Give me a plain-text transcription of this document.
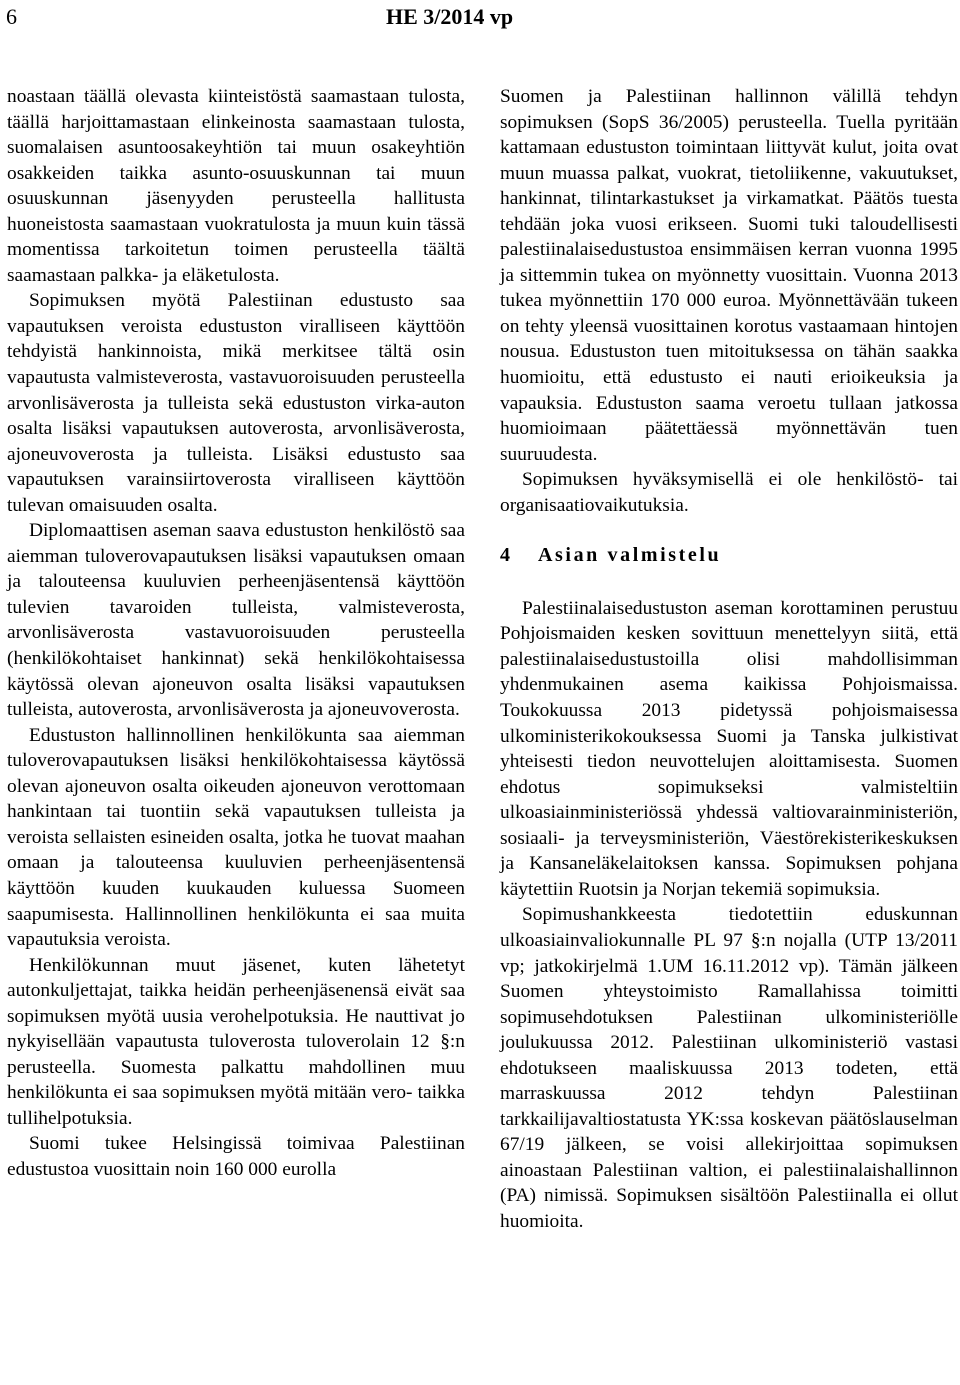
6	HE 3/2014 vp

noastaan täällä olevasta kiinteistöstä saamastaan tulosta, täällä harjoittamastaan elinkeinosta saamastaan tulosta, suomalaisen asuntoosakeyhtiön tai muun osakeyhtiön osakkeiden taikka asunto-osuuskunnan tai muun osuuskunnan jäsenyyden perusteella hallitusta huoneistosta saamastaan vuokratulosta ja muun kuin tässä momentissa tarkoitetun toimen perusteella täältä saamastaan palkka- ja eläketulosta.

Sopimuksen myötä Palestiinan edustusto saa vapautuksen veroista edustuston viralliseen käyttöön tehdyistä hankinnoista, mikä merkitsee tältä osin vapautusta valmisteverosta, vastavuoroisuuden perusteella arvonlisäverosta ja tulleista sekä edustuston virka-auton osalta lisäksi vapautuksen autoverosta, arvonlisäverosta, ajoneuvoverosta ja tulleista. Lisäksi edustusto saa vapautuksen varainsiirtoverosta viralliseen käyttöön tulevan omaisuuden osalta.

Diplomaattisen aseman saava edustuston henkilöstö saa aiemman tuloverovapautuksen lisäksi vapautuksen omaan ja talouteensa kuuluvien perheenjäsentensä käyttöön tulevien tavaroiden tulleista, valmisteverosta, arvonlisäverosta vastavuoroisuuden perusteella (henkilökohtaiset hankinnat) sekä henkilökohtaisessa käytössä olevan ajoneuvon osalta lisäksi vapautuksen tulleista, autoverosta, arvonlisäverosta ja ajoneuvoverosta.

Edustuston hallinnollinen henkilökunta saa aiemman tuloverovapautuksen lisäksi henkilökohtaisessa käytössä olevan ajoneuvon osalta oikeuden ajoneuvon verottomaan hankintaan tai tuontiin sekä vapautuksen tulleista ja veroista sellaisten esineiden osalta, jotka he tuovat maahan omaan ja talouteensa kuuluvien perheenjäsentensä käyttöön kuuden kuukauden kuluessa Suomeen saapumisesta. Hallinnollinen henkilökunta ei saa muita vapautuksia veroista.

Henkilökunnan muut jäsenet, kuten lähetetyt autonkuljettajat, taikka heidän perheenjäsenensä eivät saa sopimuksen myötä uusia verohelpotuksia. He nauttivat jo nykyisellään vapautusta tuloverosta tuloverolain 12 §:n perusteella. Suomesta palkattu mahdollinen muu henkilökunta ei saa sopimuksen myötä mitään vero- taikka tullihelpotuksia.

Suomi tukee Helsingissä toimivaa Palestiinan edustustoa vuosittain noin 160 000 eurolla

Suomen ja Palestiinan hallinnon välillä tehdyn sopimuksen (SopS 36/2005) perusteella. Tuella pyritään kattamaan edustuston toimintaan liittyvät kulut, joita ovat muun muassa palkat, vuokrat, tietoliikenne, vakuutukset, hankinnat, tilintarkastukset ja virkamatkat. Päätös tuesta tehdään joka vuosi erikseen. Suomi tuki taloudellisesti palestiinalaisedustustoa ensimmäisen kerran vuonna 1995 ja sittemmin tukea on myönnetty vuosittain. Vuonna 2013 tukea myönnettiin 170 000 euroa. Myönnettävään tukeen on tehty yleensä vuosittainen korotus vastaamaan hintojen nousua. Edustuston tuen mitoituksessa on tähän saakka huomioitu, että edustusto ei nauti erioikeuksia ja vapauksia. Edustuston saama veroetu tullaan jatkossa huomioimaan päätettäessä myönnettävän tuen suuruudesta.

Sopimuksen hyväksymisellä ei ole henkilöstö- tai organisaatiovaikutuksia.

4 Asian valmistelu

Palestiinalaisedustuston aseman korottaminen perustuu Pohjoismaiden kesken sovittuun menettelyyn siitä, että palestiinalaisedustustoilla olisi mahdollisimman yhdenmukainen asema kaikissa Pohjoismaissa. Toukokuussa 2013 pidetyssä pohjoismaisessa ulkoministerikokouksessa Suomi ja Tanska julkistivat yhteisesti tiedon neuvottelujen aloittamisesta. Suomen ehdotus sopimukseksi valmisteltiin ulkoasiainministeriössä yhdessä valtiovarainministeriön, sosiaali- ja terveysministeriön, Väestörekisterikeskuksen ja Kansaneläkelaitoksen kanssa. Sopimuksen pohjana käytettiin Ruotsin ja Norjan tekemiä sopimuksia.

Sopimushankkeesta tiedotettiin eduskunnan ulkoasiainvaliokunnalle PL 97 §:n nojalla (UTP 13/2011 vp; jatkokirjelmä 1.UM 16.11.2012 vp). Tämän jälkeen Suomen yhteystoimisto Ramallahissa toimitti sopimusehdotuksen Palestiinan ulkoministeriölle joulukuussa 2012. Palestiinan ulkoministeriö vastasi ehdotukseen maaliskuussa 2013 todeten, että marraskuussa 2012 tehdyn Palestiinan tarkkailijavaltiostatusta YK:ssa koskevan päätöslauselman 67/19 jälkeen, se voisi allekirjoittaa sopimuksen ainoastaan Palestiinan valtion, ei palestiinalaishallinnon (PA) nimissä. Sopimuksen sisältöön Palestiinalla ei ollut huomioita.
